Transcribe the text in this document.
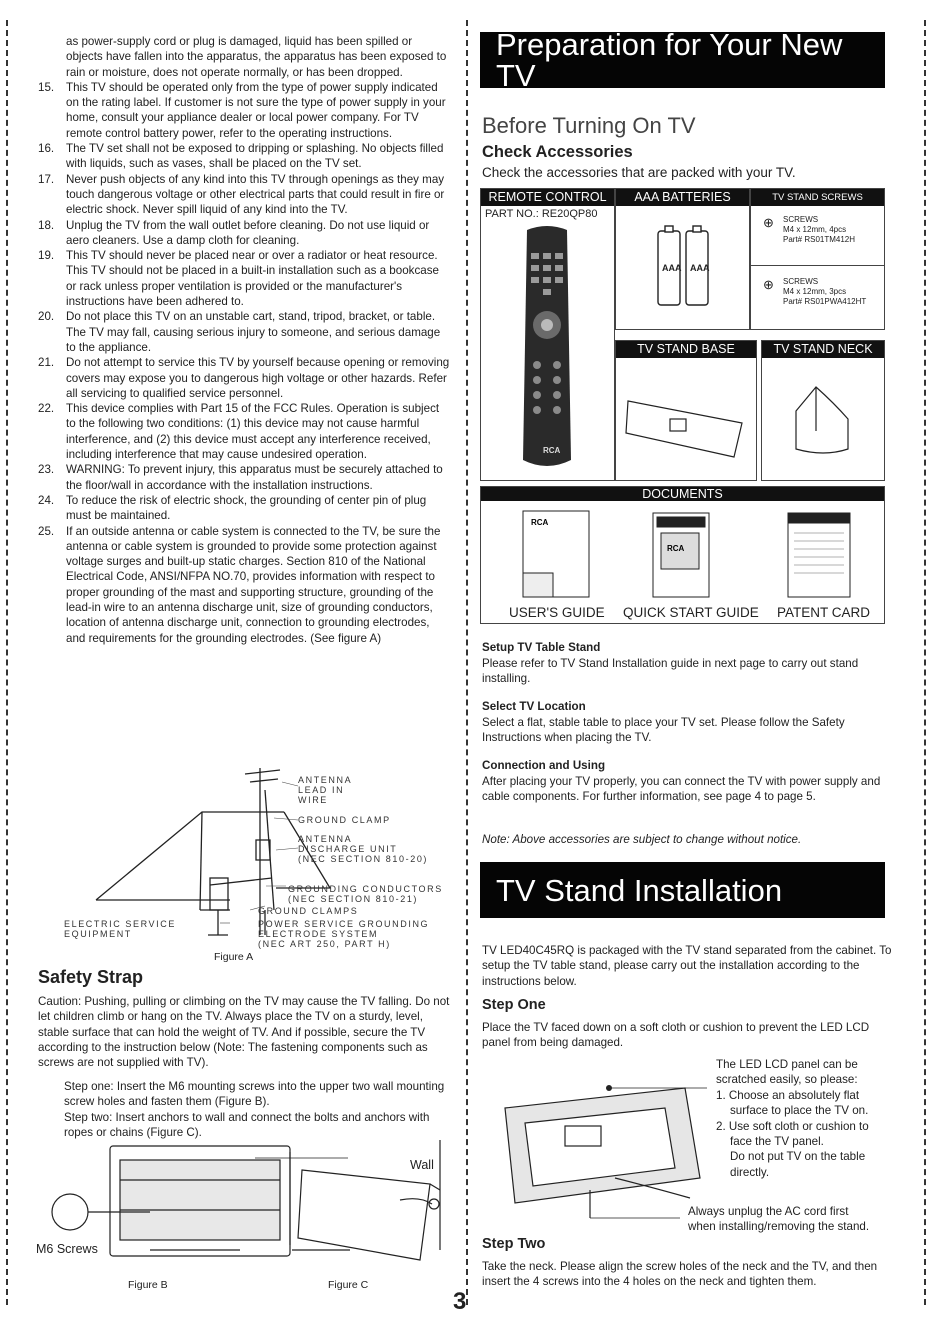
as power-supply cord or plug is damaged, liquid has been spilled or objects have fallen into the apparatus, the apparatus has been exposed to rain or moisture, does not operate normally, or has been dropped.
15.	This TV should be operated only from the type of power supply indicated on the rating label. If customer is not sure the type of power supply in your home, consult your appliance dealer or local power company. For TV remote control battery power, refer to the operating instructions.
16.	The TV set shall not be exposed to dripping or splashing. No objects filled with liquids, such as vases, shall be placed on the TV set.
17.	Never push objects of any kind into this TV through openings as they may touch dangerous voltage or other electrical parts that could result in fire or electric shock. Never spill liquid of any kind into the TV.
18.	Unplug the TV from the wall outlet before cleaning. Do not use liquid or aero cleaners. Use a damp cloth for cleaning.
19.	This TV should never be placed near or over a radiator or heat resource. This TV should not be placed in a built-in installation such as a bookcase or rack unless proper ventilation is provided or the manufacturer's instructions have been adhered to.
20.	Do not place this TV on an unstable cart, stand, tripod, bracket, or table. The TV may fall, causing serious injury to someone, and serious damage to the appliance.
21.	Do not attempt to service this TV by yourself because opening or removing covers may expose you to dangerous high voltage or other hazards. Refer all servicing to qualified service personnel.
22.	This device complies with Part 15 of the FCC Rules. Operation is subject to the following two conditions: (1) this device may not cause harmful interference, and (2) this device must accept any interference received, including interference that may cause undesired operation.
23.	WARNING: To prevent injury, this apparatus must be securely attached to the floor/wall in accordance with the installation instructions.
24.	To reduce the risk of electric shock, the grounding of center pin of plug must be maintained.
25.	If an outside antenna or cable system is connected to the TV, be sure the antenna or cable system is grounded to provide some protection against voltage surges and built-up static charges. Section 810 of the National Electrical Code, ANSI/NFPA NO.70, provides information with respect to proper grounding of the mast and supporting structure, grounding of the lead-in wire to an antenna discharge unit, size of grounding conductors, location of antenna discharge unit, connection to grounding electrodes, and requirements for the grounding electrodes. (See figure A)
ANTENNA
LEAD IN
WIRE
GROUND CLAMP
ANTENNA
DISCHARGE UNIT
(NEC SECTION 810-20)
GROUNDING CONDUCTORS
(NEC SECTION 810-21)
GROUND CLAMPS
ELECTRIC SERVICE
EQUIPMENT
POWER SERVICE GROUNDING
ELECTRODE SYSTEM
(NEC ART 250, PART H)
Figure A
Safety Strap
Caution: Pushing, pulling or climbing on the TV may cause the TV falling. Do not let children climb or hang on the TV. Always place the TV on a sturdy, level, stable surface that can hold the weight of TV. And if possible, secure the TV according to the instruction below (Note: The fastening components such as screws are not supplied with TV).
Step one: Insert the M6 mounting screws into the upper two wall mounting screw holes and fasten them (Figure B).
Step two: Insert anchors to wall and connect the bolts and anchors with ropes or chains (Figure C).
Wall
M6 Screws
Figure B	Figure C
Preparation for Your New TV
Before Turning On TV
Check Accessories
Check the accessories that are packed with your TV.
REMOTE CONTROL
PART NO.: RE20QP80
RCA
AAA BATTERIES
AAA AAA
TV STAND SCREWS
⊕ SCREWS
M4 x 12mm, 4pcs
Part# RS01TM412H
⊕ SCREWS
M4 x 12mm, 3pcs
Part# RS01PWA412HT
TV STAND BASE	TV STAND NECK
DOCUMENTS
RCA
RCA
USER'S GUIDE QUICK START GUIDE PATENT CARD
Setup TV Table Stand
Please refer to TV Stand Installation guide in next page to carry out stand installing.
Select TV Location
Select a flat, stable table to place your TV set. Please follow the Safety Instructions when placing the TV.
Connection and Using
After placing your TV properly, you can connect the TV with power supply and cable components. For further information, see page 4 to page 5.
Note: Above accessories are subject to change without notice.
TV Stand Installation
TV LED40C45RQ is packaged with the TV stand separated from the cabinet. To setup the TV table stand, please carry out the installation according to the instructions below.
Step One
Place the TV faced down on a soft cloth or cushion to prevent the LED LCD panel from being damaged.
The LED LCD panel can be
scratched easily, so please:
1. Choose an absolutely flat
surface to place the TV on.
2. Use soft cloth or cushion to
face the TV panel.
Do not put TV on the table
directly.
Always unplug the AC cord first
when installing/removing the stand.
Step Two
Take the neck. Please align the screw holes of the neck and the TV, and then insert the 4 screws into the 4 holes on the neck and tighten them.
3
